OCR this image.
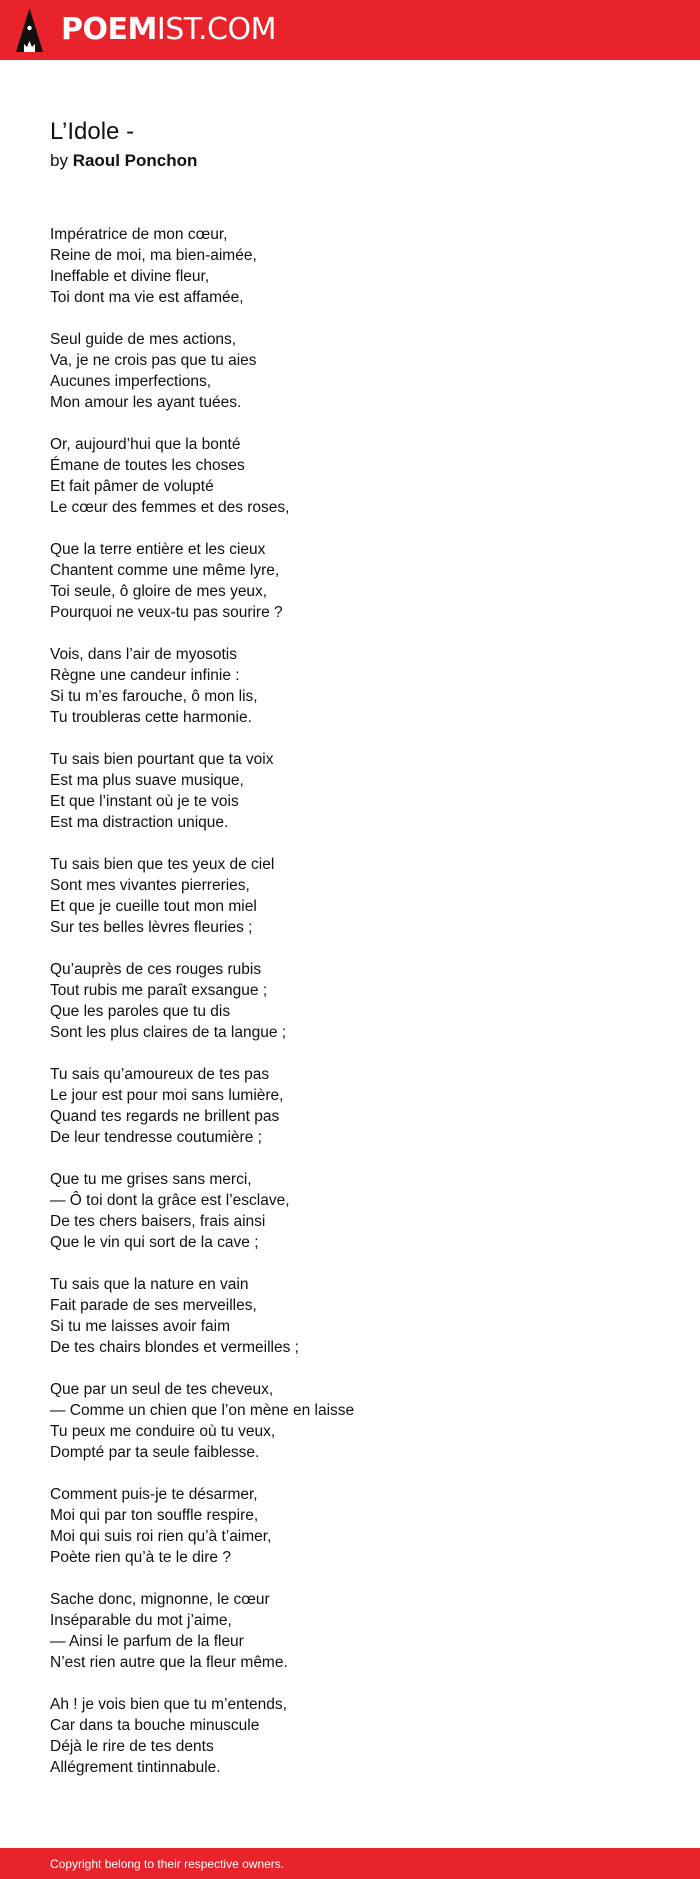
POEMIST.COM
L’Idole -
by Raoul Ponchon
Impératrice de mon cœur,
Reine de moi, ma bien-aimée,
Ineffable et divine fleur,
Toi dont ma vie est affamée,
Seul guide de mes actions,
Va, je ne crois pas que tu aies
Aucunes imperfections,
Mon amour les ayant tuées.
Or, aujourd’hui que la bonté
Émane de toutes les choses
Et fait pâmer de volupté
Le cœur des femmes et des roses,
Que la terre entière et les cieux
Chantent comme une même lyre,
Toi seule, ô gloire de mes yeux,
Pourquoi ne veux-tu pas sourire ?
Vois, dans l’air de myosotis
Règne une candeur infinie :
Si tu m’es farouche, ô mon lis,
Tu troubleras cette harmonie.
Tu sais bien pourtant que ta voix
Est ma plus suave musique,
Et que l’instant où je te vois
Est ma distraction unique.
Tu sais bien que tes yeux de ciel
Sont mes vivantes pierreries,
Et que je cueille tout mon miel
Sur tes belles lèvres fleuries ;
Qu’auprès de ces rouges rubis
Tout rubis me paraît exsangue ;
Que les paroles que tu dis
Sont les plus claires de ta langue ;
Tu sais qu’amoureux de tes pas
Le jour est pour moi sans lumière,
Quand tes regards ne brillent pas
De leur tendresse coutumière ;
Que tu me grises sans merci,
— Ô toi dont la grâce est l’esclave,
De tes chers baisers, frais ainsi
Que le vin qui sort de la cave ;
Tu sais que la nature en vain
Fait parade de ses merveilles,
Si tu me laisses avoir faim
De tes chairs blondes et vermeilles ;
Que par un seul de tes cheveux,
— Comme un chien que l’on mène en laisse
Tu peux me conduire où tu veux,
Dompté par ta seule faiblesse.
Comment puis-je te désarmer,
Moi qui par ton souffle respire,
Moi qui suis roi rien qu’à t’aimer,
Poète rien qu’à te le dire ?
Sache donc, mignonne, le cœur
Inséparable du mot j’aime,
— Ainsi le parfum de la fleur
N’est rien autre que la fleur même.
Ah ! je vois bien que tu m’entends,
Car dans ta bouche minuscule
Déjà le rire de tes dents
Allégrement tintinnabule.
Copyright belong to their respective owners.
